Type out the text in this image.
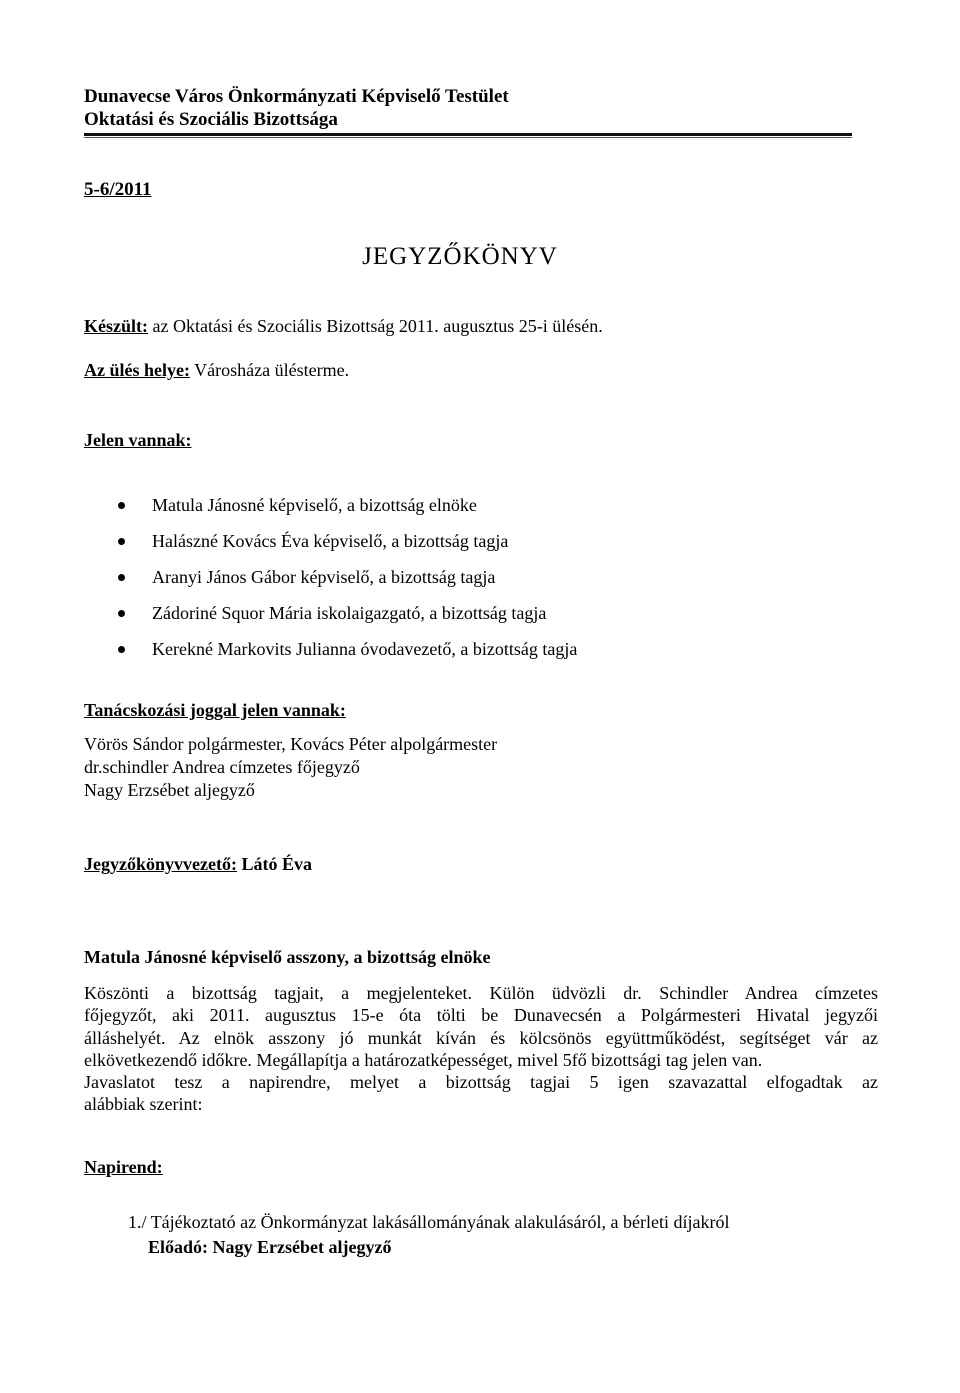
Dunavecse Város Önkormányzati Képviselő Testület
Oktatási és Szociális Bizottsága
5-6/2011
JEGYZŐKÖNYV
Készült: az Oktatási és Szociális Bizottság 2011. augusztus 25-i ülésén.
Az ülés helye: Városháza ülésterme.
Jelen vannak:
Matula Jánosné képviselő, a bizottság elnöke
Halászné Kovács Éva képviselő, a bizottság tagja
Aranyi János Gábor képviselő, a bizottság tagja
Zádoriné Squor Mária iskolaigazgató, a bizottság tagja
Kerekné Markovits Julianna óvodavezető, a bizottság tagja
Tanácskozási joggal jelen vannak:
Vörös Sándor polgármester, Kovács Péter alpolgármester
dr.schindler Andrea címzetes főjegyző
Nagy Erzsébet aljegyző
Jegyzőkönyvvezető: Látó Éva
Matula Jánosné képviselő asszony, a bizottság elnöke
Köszönti a bizottság tagjait, a megjelenteket. Külön üdvözli dr. Schindler Andrea címzetes
főjegyzőt, aki 2011. augusztus 15-e óta tölti be Dunavecsén a Polgármesteri Hivatal jegyzői
álláshelyét. Az elnök asszony jó munkát kíván és kölcsönös együttműködést, segítséget vár az
elkövetkezendő időkre. Megállapítja a határozatképességet, mivel 5fő bizottsági tag jelen van.
Javaslatot tesz a napirendre, melyet a bizottság tagjai 5 igen szavazattal elfogadtak az
alábbiak szerint:
Napirend:
1./ Tájékoztató az Önkormányzat lakásállományának alakulásáról, a bérleti díjakról
Előadó: Nagy Erzsébet aljegyző
